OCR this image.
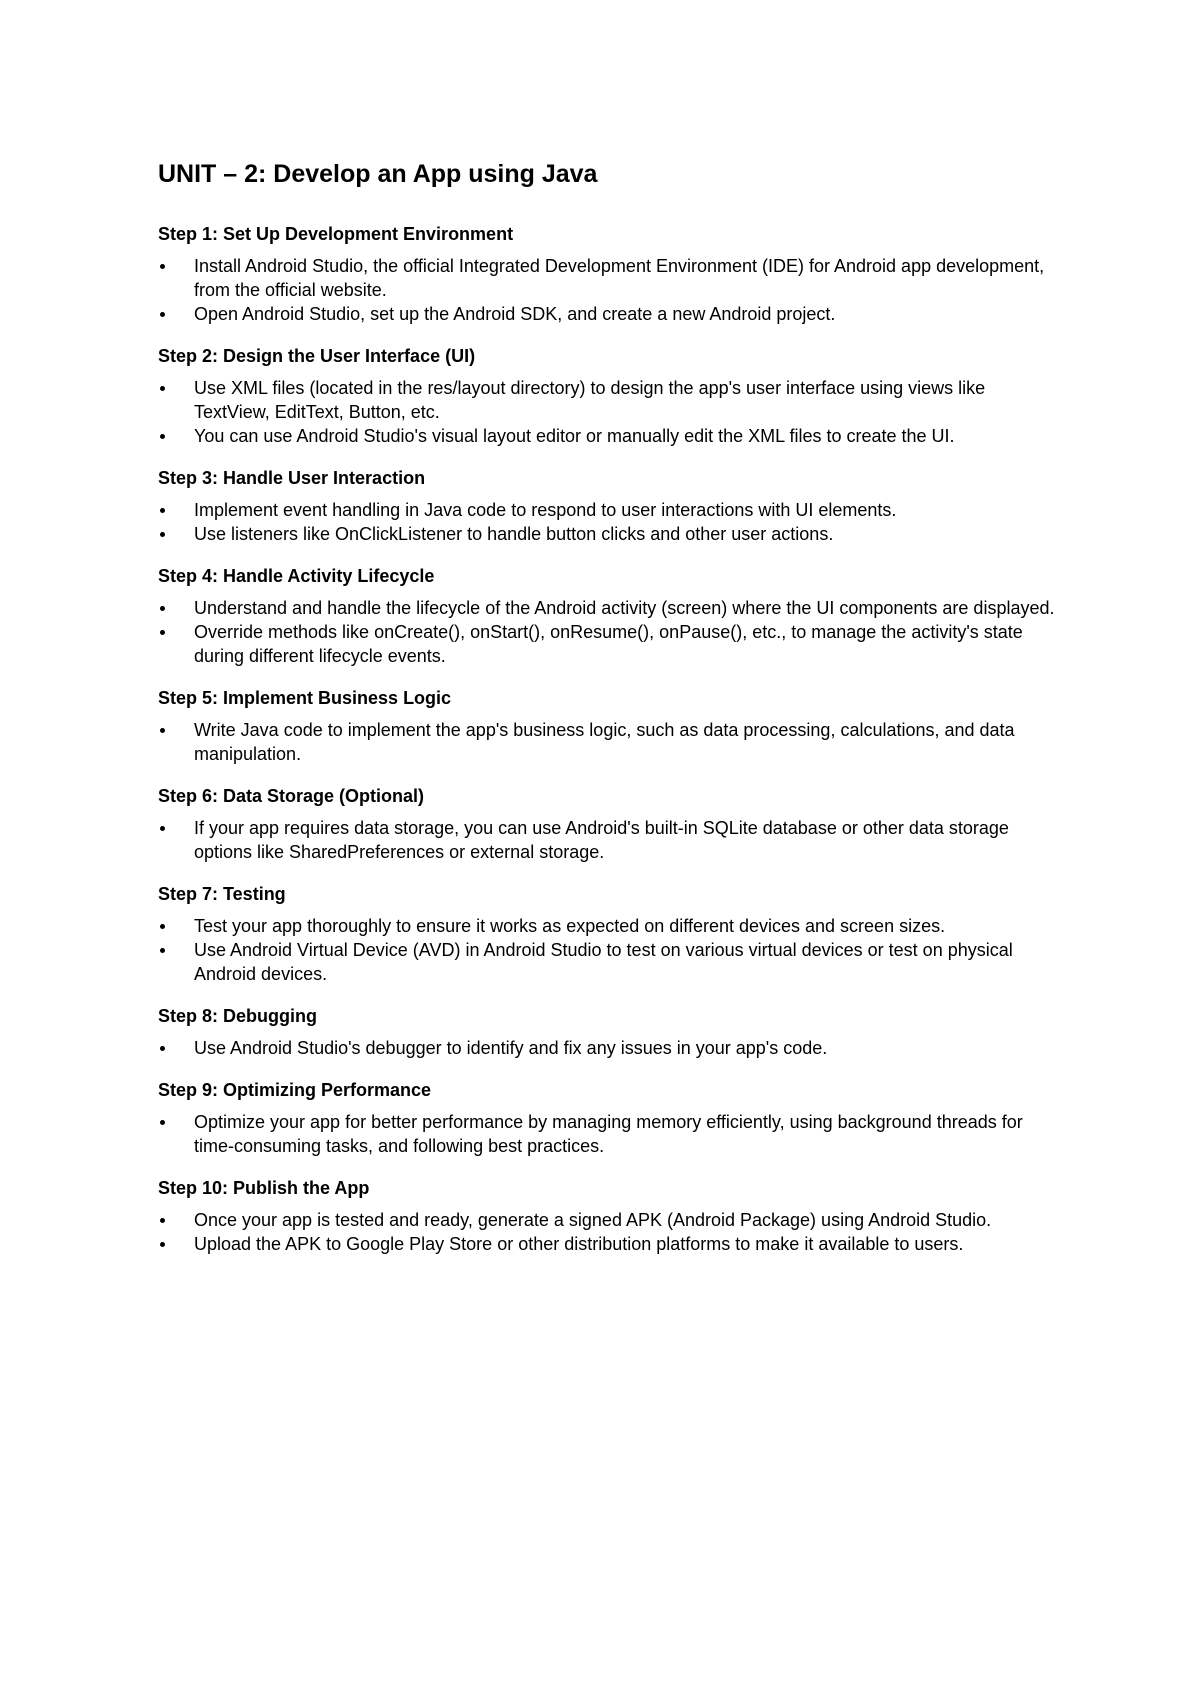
UNIT – 2: Develop an App using Java
Step 1: Set Up Development Environment
Install Android Studio, the official Integrated Development Environment (IDE) for Android app development, from the official website.
Open Android Studio, set up the Android SDK, and create a new Android project.
Step 2: Design the User Interface (UI)
Use XML files (located in the res/layout directory) to design the app's user interface using views like TextView, EditText, Button, etc.
You can use Android Studio's visual layout editor or manually edit the XML files to create the UI.
Step 3: Handle User Interaction
Implement event handling in Java code to respond to user interactions with UI elements.
Use listeners like OnClickListener to handle button clicks and other user actions.
Step 4: Handle Activity Lifecycle
Understand and handle the lifecycle of the Android activity (screen) where the UI components are displayed.
Override methods like onCreate(), onStart(), onResume(), onPause(), etc., to manage the activity's state during different lifecycle events.
Step 5: Implement Business Logic
Write Java code to implement the app's business logic, such as data processing, calculations, and data manipulation.
Step 6: Data Storage (Optional)
If your app requires data storage, you can use Android's built-in SQLite database or other data storage options like SharedPreferences or external storage.
Step 7: Testing
Test your app thoroughly to ensure it works as expected on different devices and screen sizes.
Use Android Virtual Device (AVD) in Android Studio to test on various virtual devices or test on physical Android devices.
Step 8: Debugging
Use Android Studio's debugger to identify and fix any issues in your app's code.
Step 9: Optimizing Performance
Optimize your app for better performance by managing memory efficiently, using background threads for time-consuming tasks, and following best practices.
Step 10: Publish the App
Once your app is tested and ready, generate a signed APK (Android Package) using Android Studio.
Upload the APK to Google Play Store or other distribution platforms to make it available to users.
